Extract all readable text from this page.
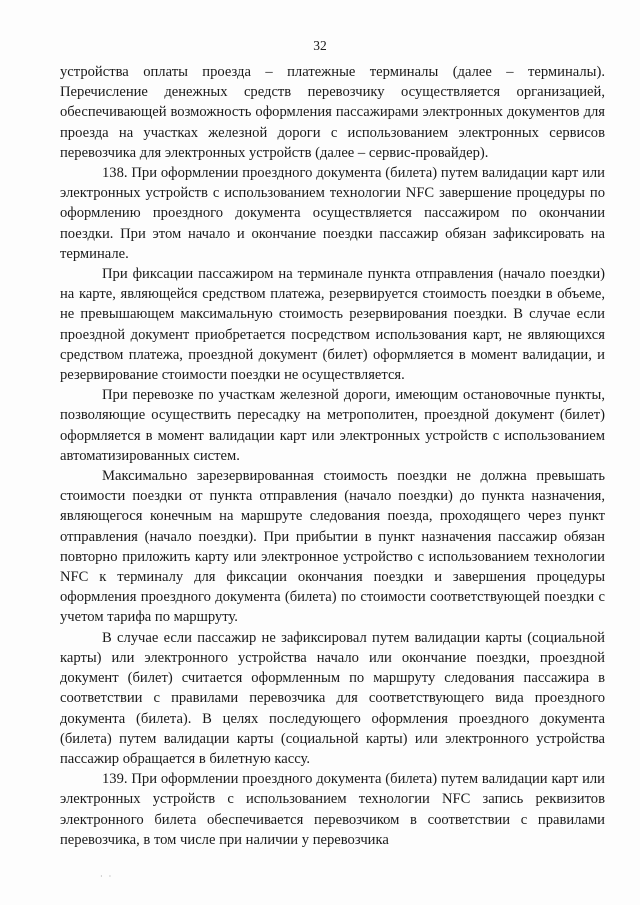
32

устройства оплаты проезда – платежные терминалы (далее – терминалы). Перечисление денежных средств перевозчику осуществляется организацией, обеспечивающей возможность оформления пассажирами электронных документов для проезда на участках железной дороги с использованием электронных сервисов перевозчика для электронных устройств (далее – сервис-провайдер).

138. При оформлении проездного документа (билета) путем валидации карт или электронных устройств с использованием технологии NFC завершение процедуры по оформлению проездного документа осуществляется пассажиром по окончании поездки. При этом начало и окончание поездки пассажир обязан зафиксировать на терминале.

При фиксации пассажиром на терминале пункта отправления (начало поездки) на карте, являющейся средством платежа, резервируется стоимость поездки в объеме, не превышающем максимальную стоимость резервирования поездки. В случае если проездной документ приобретается посредством использования карт, не являющихся средством платежа, проездной документ (билет) оформляется в момент валидации, и резервирование стоимости поездки не осуществляется.

При перевозке по участкам железной дороги, имеющим остановочные пункты, позволяющие осуществить пересадку на метрополитен, проездной документ (билет) оформляется в момент валидации карт или электронных устройств с использованием автоматизированных систем.

Максимально зарезервированная стоимость поездки не должна превышать стоимости поездки от пункта отправления (начало поездки) до пункта назначения, являющегося конечным на маршруте следования поезда, проходящего через пункт отправления (начало поездки). При прибытии в пункт назначения пассажир обязан повторно приложить карту или электронное устройство с использованием технологии NFC к терминалу для фиксации окончания поездки и завершения процедуры оформления проездного документа (билета) по стоимости соответствующей поездки с учетом тарифа по маршруту.

В случае если пассажир не зафиксировал путем валидации карты (социальной карты) или электронного устройства начало или окончание поездки, проездной документ (билет) считается оформленным по маршруту следования пассажира в соответствии с правилами перевозчика для соответствующего вида проездного документа (билета). В целях последующего оформления проездного документа (билета) путем валидации карты (социальной карты) или электронного устройства пассажир обращается в билетную кассу.

139. При оформлении проездного документа (билета) путем валидации карт или электронных устройств с использованием технологии NFC запись реквизитов электронного билета обеспечивается перевозчиком в соответствии с правилами перевозчика, в том числе при наличии у перевозчика

· ·
